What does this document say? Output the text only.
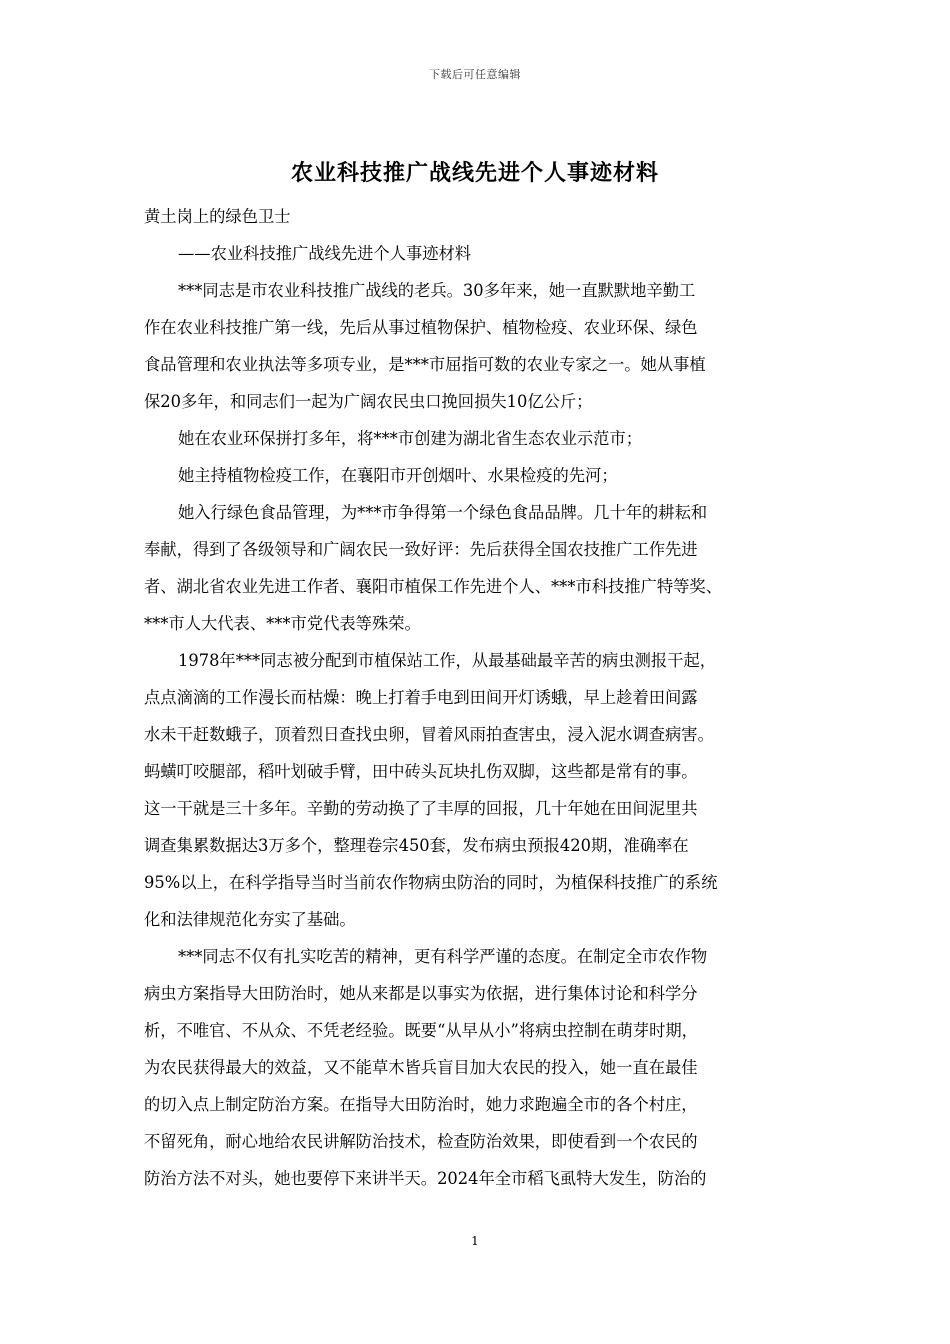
下载后可任意编辑
农业科技推广战线先进个人事迹材料
黄土岗上的绿色卫士
——农业科技推广战线先进个人事迹材料
***同志是市农业科技推广战线的老兵。30多年来，她一直默默地辛勤工
作在农业科技推广第一线，先后从事过植物保护、植物检疫、农业环保、绿色
食品管理和农业执法等多项专业，是***市屈指可数的农业专家之一。她从事植
保20多年，和同志们一起为广阔农民虫口挽回损失10亿公斤；
她在农业环保拼打多年，将***市创建为湖北省生态农业示范市；
她主持植物检疫工作，在襄阳市开创烟叶、水果检疫的先河；
她入行绿色食品管理，为***市争得第一个绿色食品品牌。几十年的耕耘和
奉献，得到了各级领导和广阔农民一致好评：先后获得全国农技推广工作先进
者、湖北省农业先进工作者、襄阳市植保工作先进个人、***市科技推广特等奖、
***市人大代表、***市党代表等殊荣。
1978年***同志被分配到市植保站工作，从最基础最辛苦的病虫测报干起，
点点滴滴的工作漫长而枯燥：晚上打着手电到田间开灯诱蛾，早上趁着田间露
水未干赶数蛾子，顶着烈日查找虫卵，冒着风雨拍查害虫，浸入泥水调查病害。
蚂蟥叮咬腿部，稻叶划破手臂，田中砖头瓦块扎伤双脚，这些都是常有的事。
这一干就是三十多年。辛勤的劳动换了了丰厚的回报，几十年她在田间泥里共
调查集累数据达3万多个，整理卷宗450套，发布病虫预报420期，准确率在
95%以上，在科学指导当时当前农作物病虫防治的同时，为植保科技推广的系统
化和法律规范化夯实了基础。
***同志不仅有扎实吃苦的精神，更有科学严谨的态度。在制定全市农作物
病虫方案指导大田防治时，她从来都是以事实为依据，进行集体讨论和科学分
析，不唯官、不从众、不凭老经验。既要“从早从小”将病虫控制在萌芽时期，
为农民获得最大的效益，又不能草木皆兵盲目加大农民的投入，她一直在最佳
的切入点上制定防治方案。在指导大田防治时，她力求跑遍全市的各个村庄，
不留死角，耐心地给农民讲解防治技术，检查防治效果，即使看到一个农民的
防治方法不对头，她也要停下来讲半天。2024年全市稻飞虱特大发生，防治的
1
